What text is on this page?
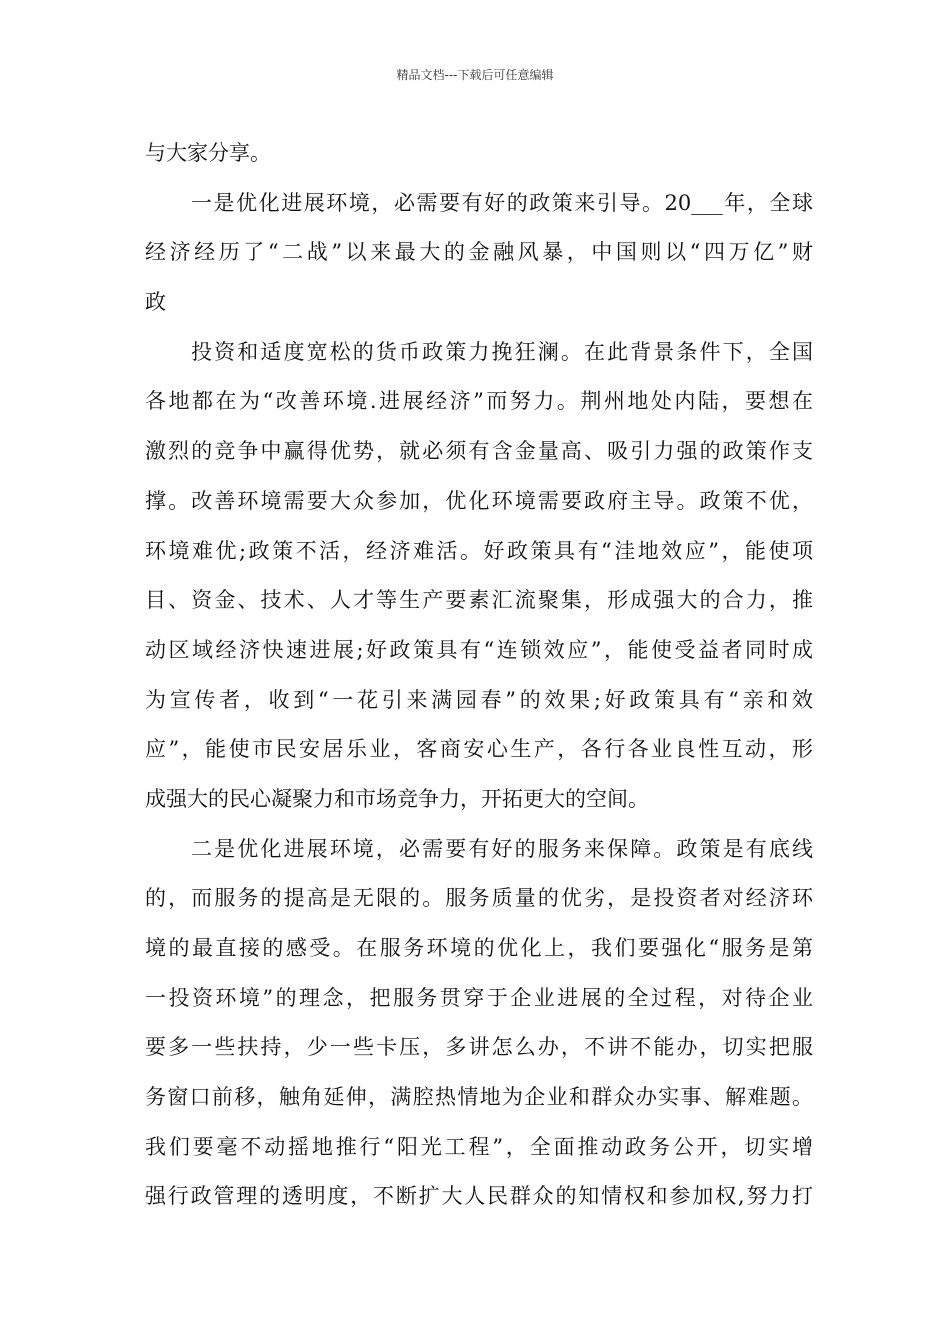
精品文档---下载后可任意编辑
与大家分享。
一是优化进展环境，必需要有好的政策来引导。20___年，全球
经济经历了“二战”以来最大的金融风暴，中国则以“四万亿”财
政
投资和适度宽松的货币政策力挽狂澜。在此背景条件下，全国
各地都在为“改善环境.进展经济”而努力。荆州地处内陆，要想在
激烈的竞争中赢得优势，就必须有含金量高、吸引力强的政策作支
撑。改善环境需要大众参加，优化环境需要政府主导。政策不优，
环境难优;政策不活，经济难活。好政策具有“洼地效应”，能使项
目、资金、技术、人才等生产要素汇流聚集，形成强大的合力，推
动区域经济快速进展;好政策具有“连锁效应”，能使受益者同时成
为宣传者，收到“一花引来满园春”的效果;好政策具有“亲和效
应”，能使市民安居乐业，客商安心生产，各行各业良性互动，形
成强大的民心凝聚力和市场竞争力，开拓更大的空间。
二是优化进展环境，必需要有好的服务来保障。政策是有底线
的，而服务的提高是无限的。服务质量的优劣，是投资者对经济环
境的最直接的感受。在服务环境的优化上，我们要强化“服务是第
一投资环境”的理念，把服务贯穿于企业进展的全过程，对待企业
要多一些扶持，少一些卡压，多讲怎么办，不讲不能办，切实把服
务窗口前移，触角延伸，满腔热情地为企业和群众办实事、解难题。
我们要毫不动摇地推行“阳光工程”，全面推动政务公开，切实增
强行政管理的透明度，不断扩大人民群众的知情权和参加权,努力打
